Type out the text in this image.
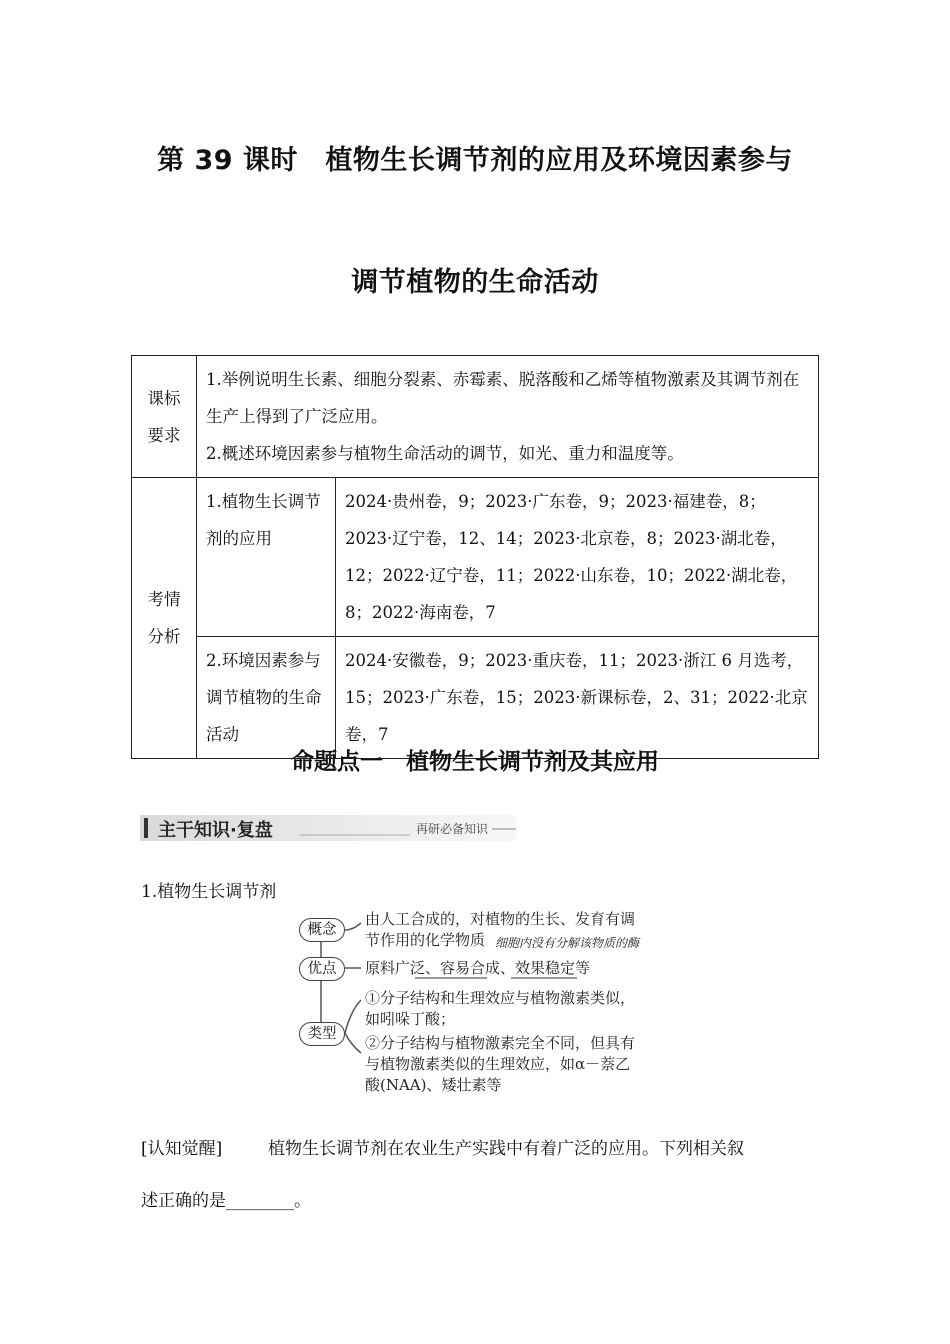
第 39 课时　植物生长调节剂的应用及环境因素参与
调节植物的生命活动
课标要求	1.举例说明生长素、细胞分裂素、赤霉素、脱落酸和乙烯等植物激素及其调节剂在生产上得到了广泛应用。
2.概述环境因素参与植物生命活动的调节，如光、重力和温度等。	

考情分析	1.植物生长调节剂的应用	2024·贵州卷，9；2023·广东卷，9；2023·福建卷，8；2023·辽宁卷，12、14；2023·北京卷，8；2023·湖北卷，12；2022·辽宁卷，11；2022·山东卷，10；2022·湖北卷，8；2022·海南卷，7
	2.环境因素参与调节植物的生命活动	2024·安徽卷，9；2023·重庆卷，11；2023·浙江 6 月选考，15；2023·广东卷，15；2023·新课标卷，2、31；2022·北京卷，7
命题点一　植物生长调节剂及其应用
主干知识·复盘	再研必备知识
1.植物生长调节剂
概念
优点
类型
由人工合成的，对植物的生长、发育有调
节作用的化学物质 细胞内没有分解该物质的酶
原料广泛、容易合成、效果稳定等
①分子结构和生理效应与植物激素类似，
如吲哚丁酸；
②分子结构与植物激素完全不同，但具有
与植物激素类似的生理效应，如α－萘乙
酸(NAA)、矮壮素等
[认知觉醒]	植物生长调节剂在农业生产实践中有着广泛的应用。下列相关叙
述正确的是________。
